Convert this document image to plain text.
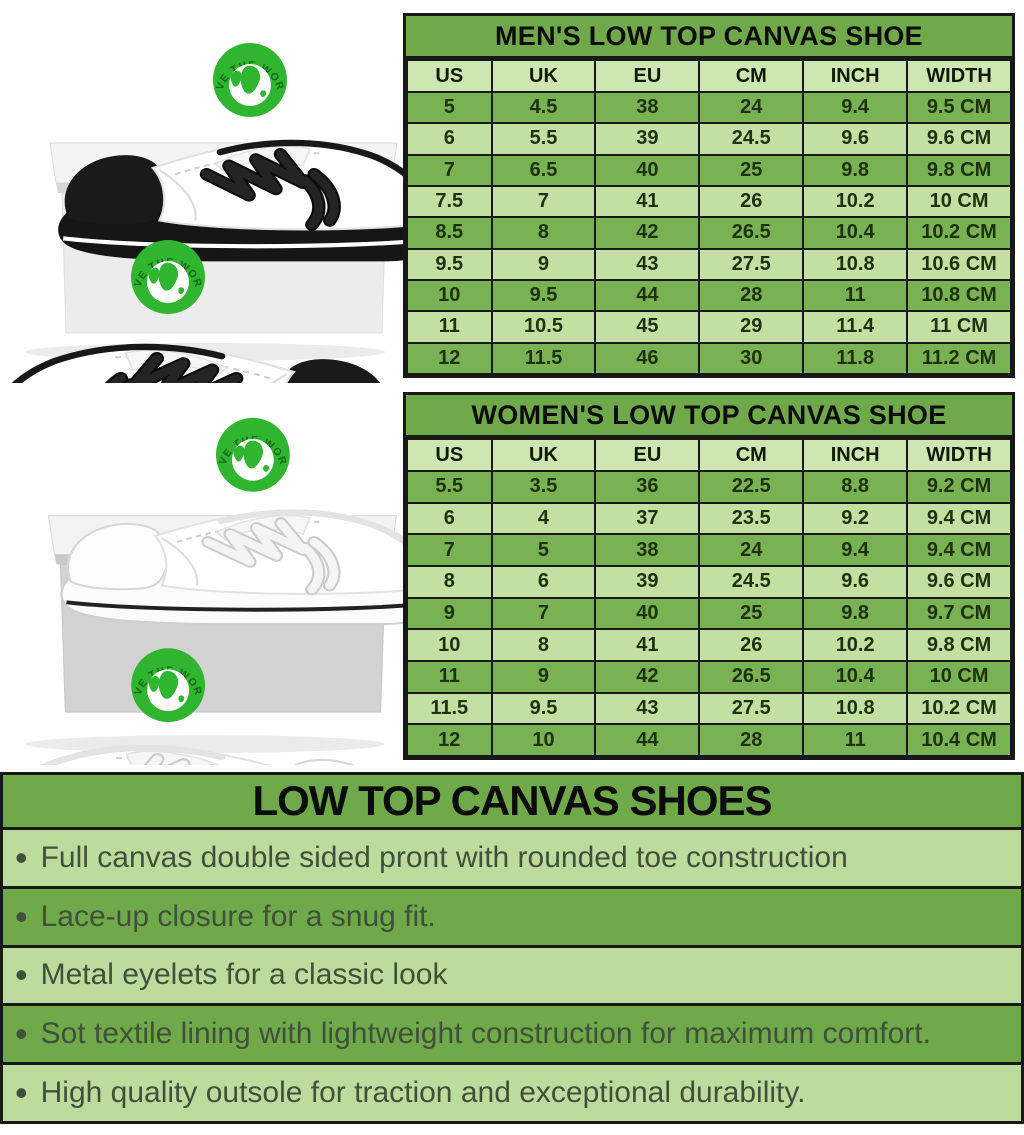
MEN'S LOW TOP CANVAS SHOE
US	UK	EU	CM	INCH	WIDTH
5	4.5	38	24	9.4	9.5 CM
6	5.5	39	24.5	9.6	9.6 CM
7	6.5	40	25	9.8	9.8 CM
7.5	7	41	26	10.2	10 CM
8.5	8	42	26.5	10.4	10.2 CM
9.5	9	43	27.5	10.8	10.6 CM
10	9.5	44	28	11	10.8 CM
11	10.5	45	29	11.4	11 CM
12	11.5	46	30	11.8	11.2 CM
WOMEN'S LOW TOP CANVAS SHOE
US	UK	EU	CM	INCH	WIDTH
5.5	3.5	36	22.5	8.8	9.2 CM
6	4	37	23.5	9.2	9.4 CM
7	5	38	24	9.4	9.4 CM
8	6	39	24.5	9.6	9.6 CM
9	7	40	25	9.8	9.7 CM
10	8	41	26	10.2	9.8 CM
11	9	42	26.5	10.4	10 CM
11.5	9.5	43	27.5	10.8	10.2 CM
12	10	44	28	11	10.4 CM
LOW TOP CANVAS SHOES
• Full canvas double sided pront with rounded toe construction
• Lace-up closure for a snug fit.
• Metal eyelets for a classic look
• Sot textile lining with lightweight construction for maximum comfort.
• High quality outsole for traction and exceptional durability.
